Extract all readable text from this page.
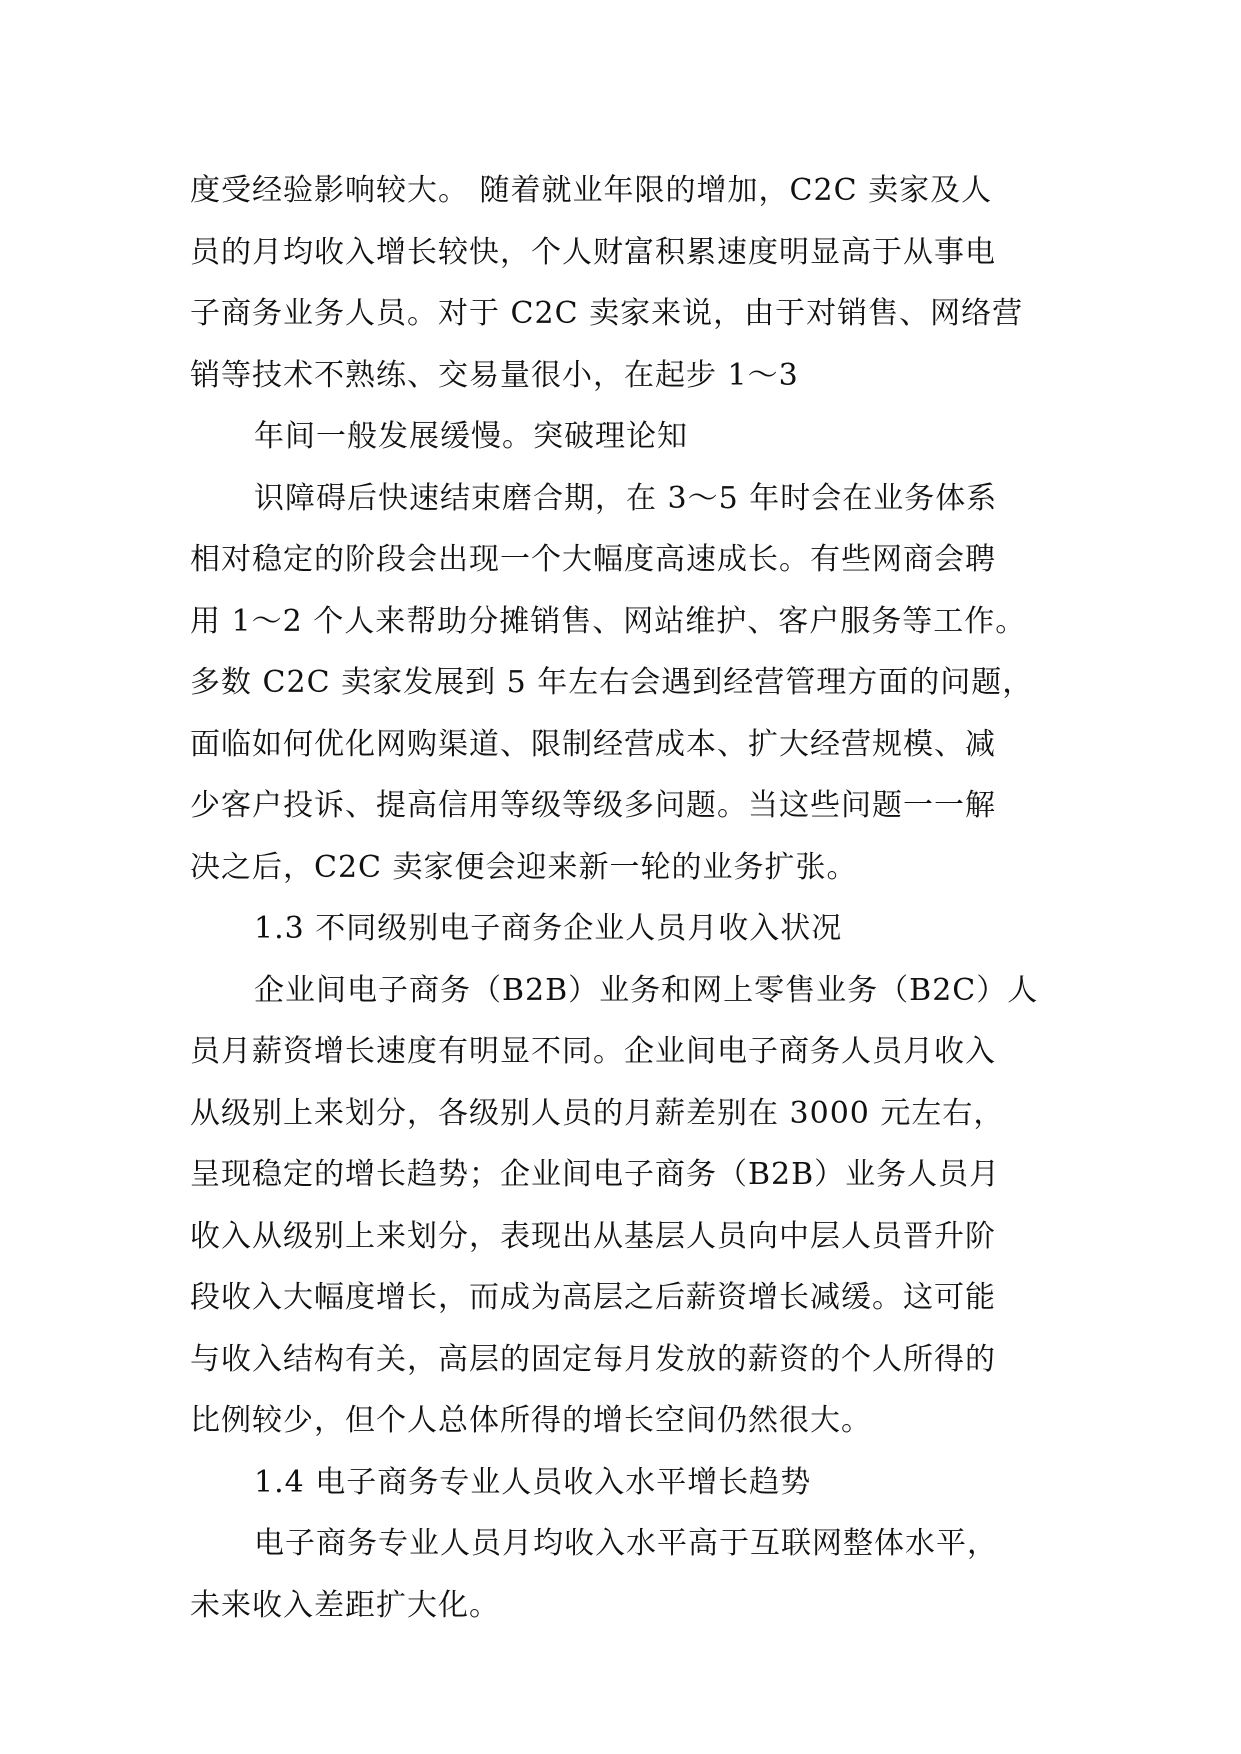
度受经验影响较大。 随着就业年限的增加，C2C 卖家及人
员的月均收入增长较快，个人财富积累速度明显高于从事电
子商务业务人员。对于 C2C 卖家来说，由于对销售、网络营
销等技术不熟练、交易量很小，在起步 1～3
年间一般发展缓慢。突破理论知
识障碍后快速结束磨合期，在 3～5 年时会在业务体系
相对稳定的阶段会出现一个大幅度高速成长。有些网商会聘
用 1～2 个人来帮助分摊销售、网站维护、客户服务等工作。
多数 C2C 卖家发展到 5 年左右会遇到经营管理方面的问题，
面临如何优化网购渠道、限制经营成本、扩大经营规模、减
少客户投诉、提高信用等级等级多问题。当这些问题一一解
决之后，C2C 卖家便会迎来新一轮的业务扩张。
1.3 不同级别电子商务企业人员月收入状况
企业间电子商务（B2B）业务和网上零售业务（B2C）人
员月薪资增长速度有明显不同。企业间电子商务人员月收入
从级别上来划分，各级别人员的月薪差别在 3000 元左右，
呈现稳定的增长趋势；企业间电子商务（B2B）业务人员月
收入从级别上来划分，表现出从基层人员向中层人员晋升阶
段收入大幅度增长，而成为高层之后薪资增长减缓。这可能
与收入结构有关，高层的固定每月发放的薪资的个人所得的
比例较少，但个人总体所得的增长空间仍然很大。
1.4 电子商务专业人员收入水平增长趋势
电子商务专业人员月均收入水平高于互联网整体水平，
未来收入差距扩大化。
